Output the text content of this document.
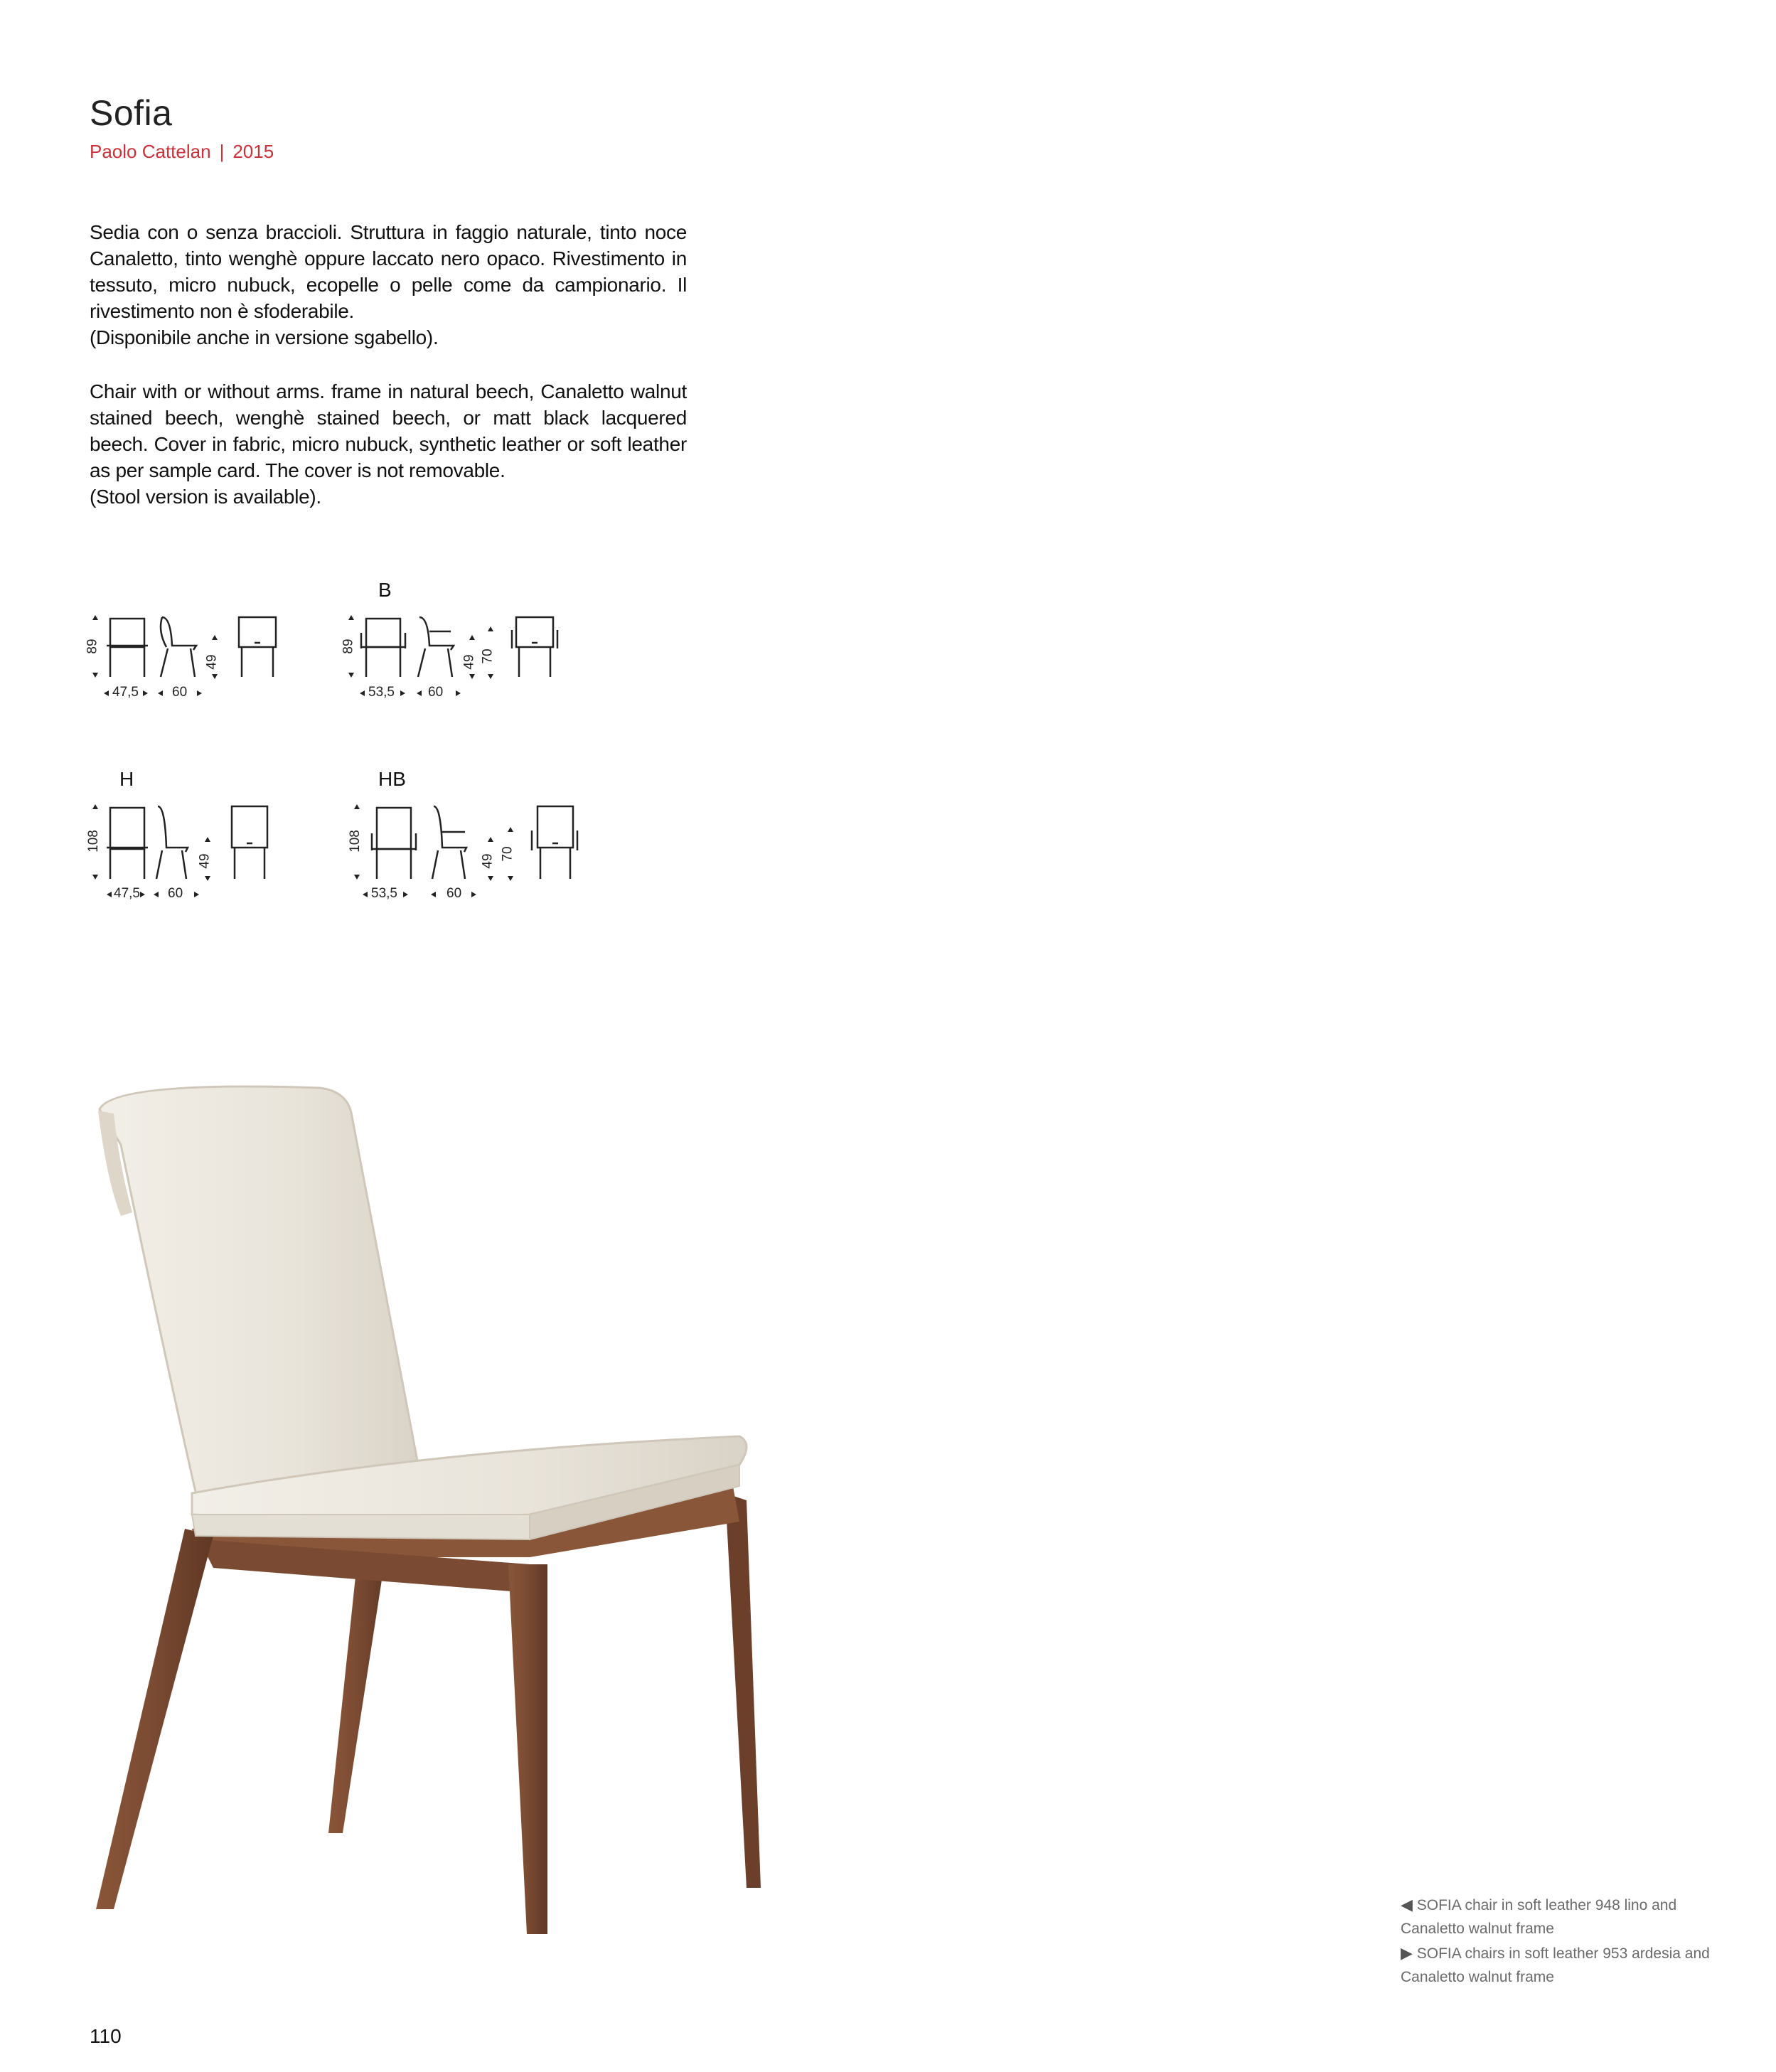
Sofia
Paolo Cattelan | 2015

Sedia con o senza braccioli. Struttura in faggio naturale, tinto noce Canaletto, tinto wenghè oppure laccato nero opaco. Rivestimento in tessuto, micro nubuck, ecopelle o pelle come da campionario. Il rivestimento non è sfoderabile.

(Disponibile anche in versione sgabello).

Chair with or without arms. frame in natural beech, Canaletto walnut stained beech, wenghè stained beech, or matt black lacquered beech. Cover in fabric, micro nubuck, synthetic leather or soft leather as per sample card. The cover is not removable.

(Stool version is available).

B
H	HB
89
49
47,5 60
89
49 70
53,5 60
108
49
47,5 60
108
49 70
53,5	60
◀ SOFIA chair in soft leather 948 lino and Canaletto walnut frame
▶ SOFIA chairs in soft leather 953 ardesia and Canaletto walnut frame
110
